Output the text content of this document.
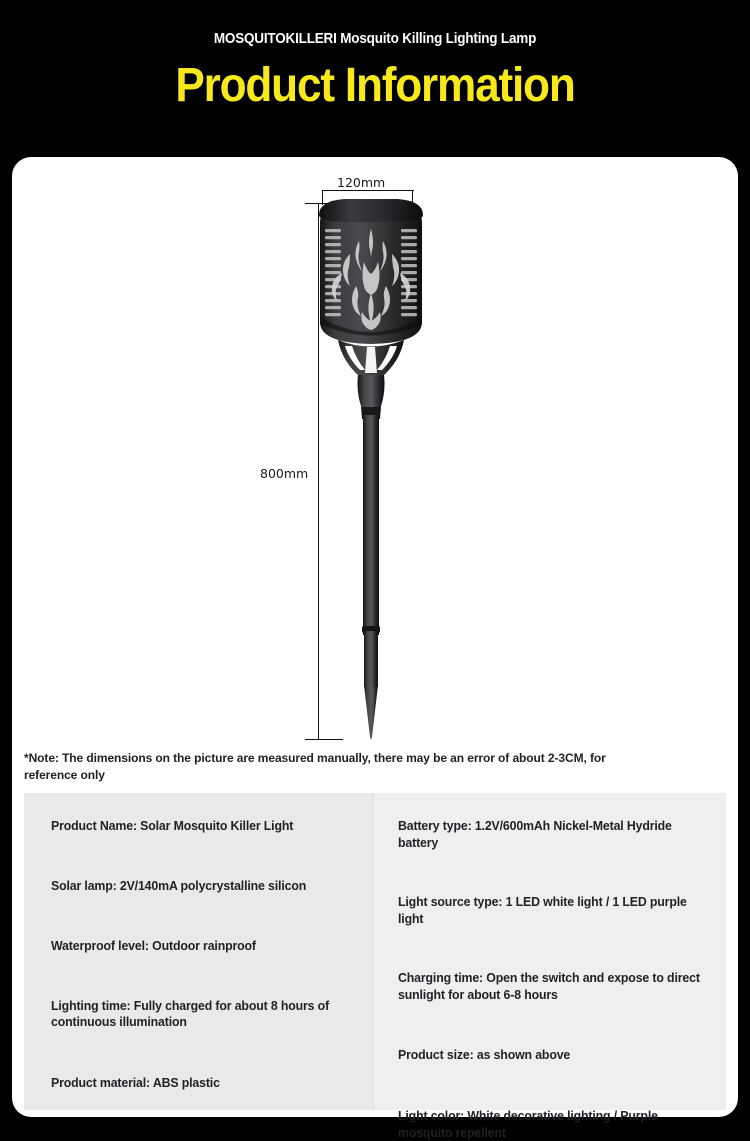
MOSQUITOKILLERI Mosquito Killing Lighting Lamp
Product Information
120mm
800mm
*Note: The dimensions on the picture are measured manually, there may be an error of about 2-3CM, for reference only
Product Name: Solar Mosquito Killer Light
Solar lamp: 2V/140mA polycrystalline silicon
Waterproof level: Outdoor rainproof
Lighting time: Fully charged for about 8 hours of continuous illumination
Product material: ABS plastic
Battery type: 1.2V/600mAh Nickel-Metal Hydride battery
Light source type: 1 LED white light / 1 LED purple light
Charging time: Open the switch and expose to direct sunlight for about 6-8 hours
Product size: as shown above
Light color: White decorative lighting / Purple mosquito repellent
